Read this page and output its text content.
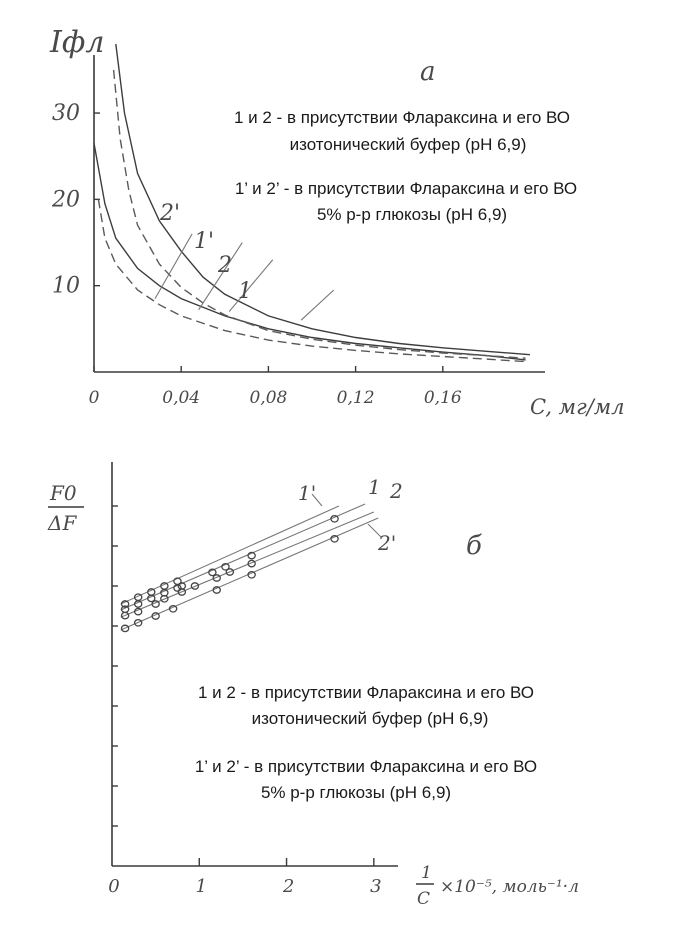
Iфл
C, мг/мл
а
0	0,04	0,08	0,12	0,16
10
20
30
2'
1'
2
1
1 и 2 - в присутствии Флараксина и его ВО
изотонический буфер (рН 6,9)
1’ и 2’ - в присутствии Флараксина и его ВО
5% р-р глюкозы (рН 6,9)
F0
ΔF
1
C
×10⁻⁵, моль⁻¹·л
б
0	1	2	3
1'	1 2
2'
1 и 2 - в присутствии Флараксина и его ВО
изотонический буфер (рН 6,9)
1’ и 2’ - в присутствии Флараксина и его ВО
5% р-р глюкозы (рН 6,9)
